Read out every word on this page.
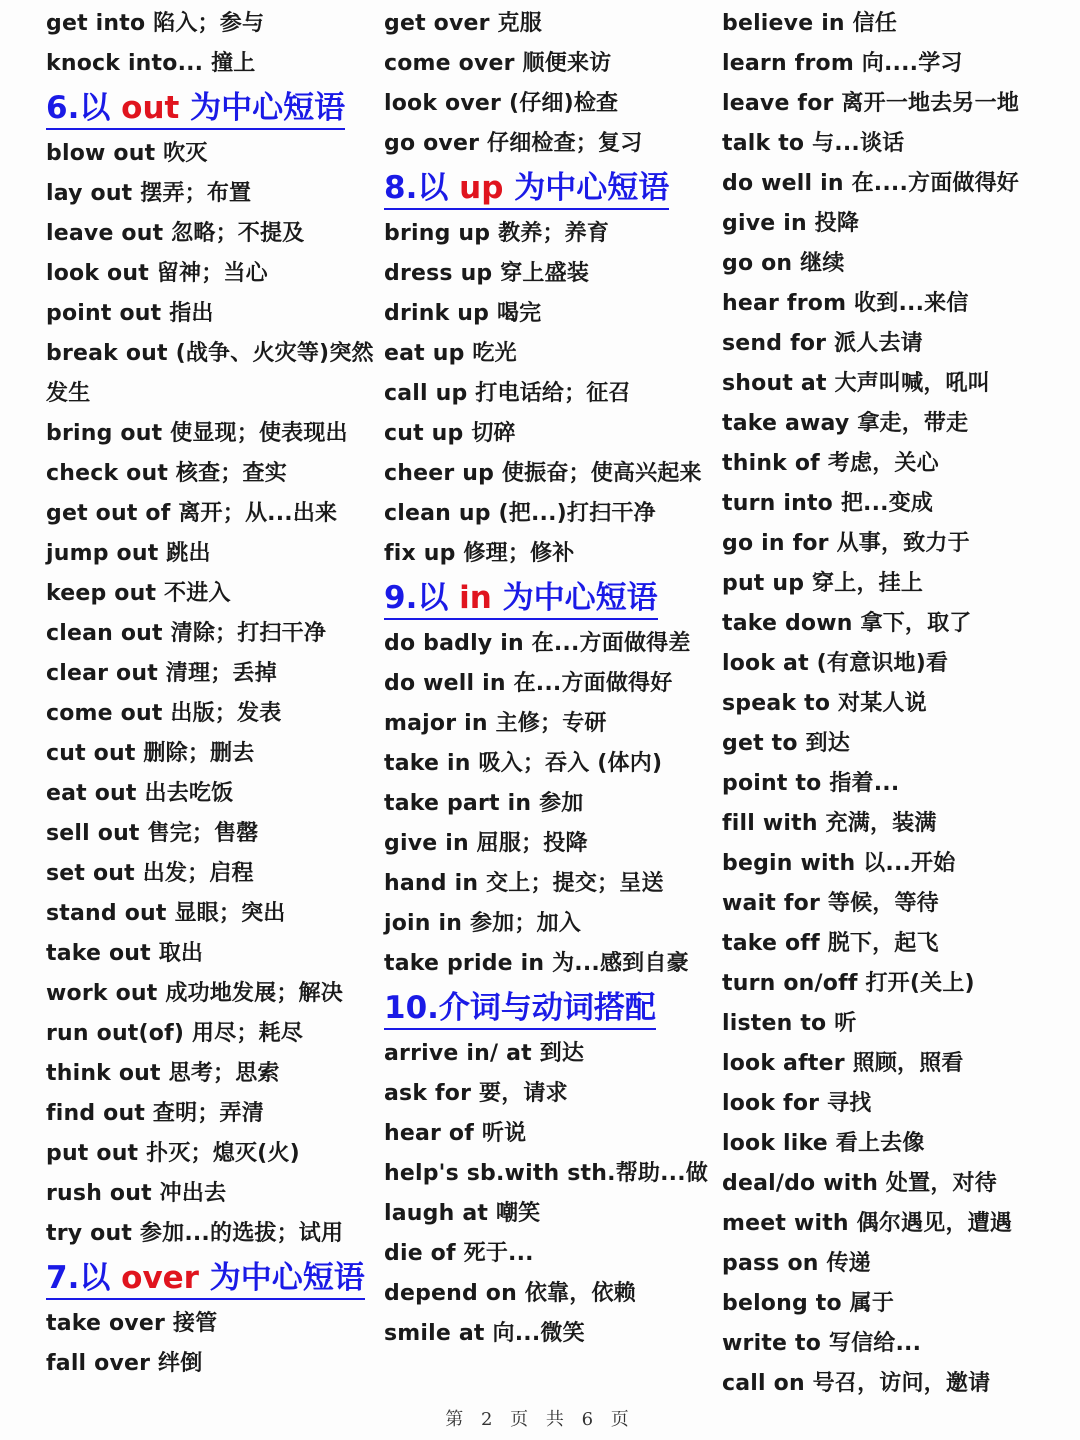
get into 陷入；参与
knock into... 撞上
6.以 out 为中心短语
blow out 吹灭
lay out 摆弄；布置
leave out 忽略；不提及
look out 留神；当心
point out 指出
break out (战争、火灾等)突然
发生
bring out 使显现；使表现出
check out 核查；查实
get out of 离开；从...出来
jump out 跳出
keep out 不进入
clean out 清除；打扫干净
clear out 清理；丢掉
come out 出版；发表
cut out 删除；删去
eat out 出去吃饭
sell out 售完；售罄
set out 出发；启程
stand out 显眼；突出
take out 取出
work out 成功地发展；解决
run out(of) 用尽；耗尽
think out 思考；思索
find out 查明；弄清
put out 扑灭；熄灭(火)
rush out 冲出去
try out 参加...的选拔；试用
7.以 over 为中心短语
take over 接管
fall over 绊倒
get over 克服
come over 顺便来访
look over (仔细)检查
go over 仔细检查；复习
8.以 up 为中心短语
bring up 教养；养育
dress up 穿上盛装
drink up 喝完
eat up 吃光
call up 打电话给；征召
cut up 切碎
cheer up 使振奋；使高兴起来
clean up (把...)打扫干净
fix up 修理；修补
9.以 in 为中心短语
do badly in 在...方面做得差
do well in 在...方面做得好
major in 主修；专研
take in 吸入；吞入 (体内)
take part in 参加
give in 屈服；投降
hand in 交上；提交；呈送
join in 参加；加入
take pride in 为...感到自豪
10.介词与动词搭配
arrive in/ at 到达
ask for 要，请求
hear of 听说
help's sb.with sth.帮助...做
laugh at 嘲笑
die of 死于...
depend on 依靠，依赖
smile at 向...微笑
believe in 信任
learn from 向....学习
leave for 离开一地去另一地
talk to 与...谈话
do well in 在....方面做得好
give in 投降
go on 继续
hear from 收到...来信
send for 派人去请
shout at 大声叫喊，吼叫
take away 拿走，带走
think of 考虑，关心
turn into 把...变成
go in for 从事，致力于
put up 穿上，挂上
take down 拿下，取了
look at (有意识地)看
speak to 对某人说
get to 到达
point to 指着...
fill with 充满，装满
begin with 以...开始
wait for 等候，等待
take off 脱下，起飞
turn on/off 打开(关上)
listen to 听
look after 照顾，照看
look for 寻找
look like 看上去像
deal/do with 处置，对待
meet with 偶尔遇见，遭遇
pass on 传递
belong to 属于
write to 写信给...
call on 号召，访问，邀请
第 2 页 共 6 页
